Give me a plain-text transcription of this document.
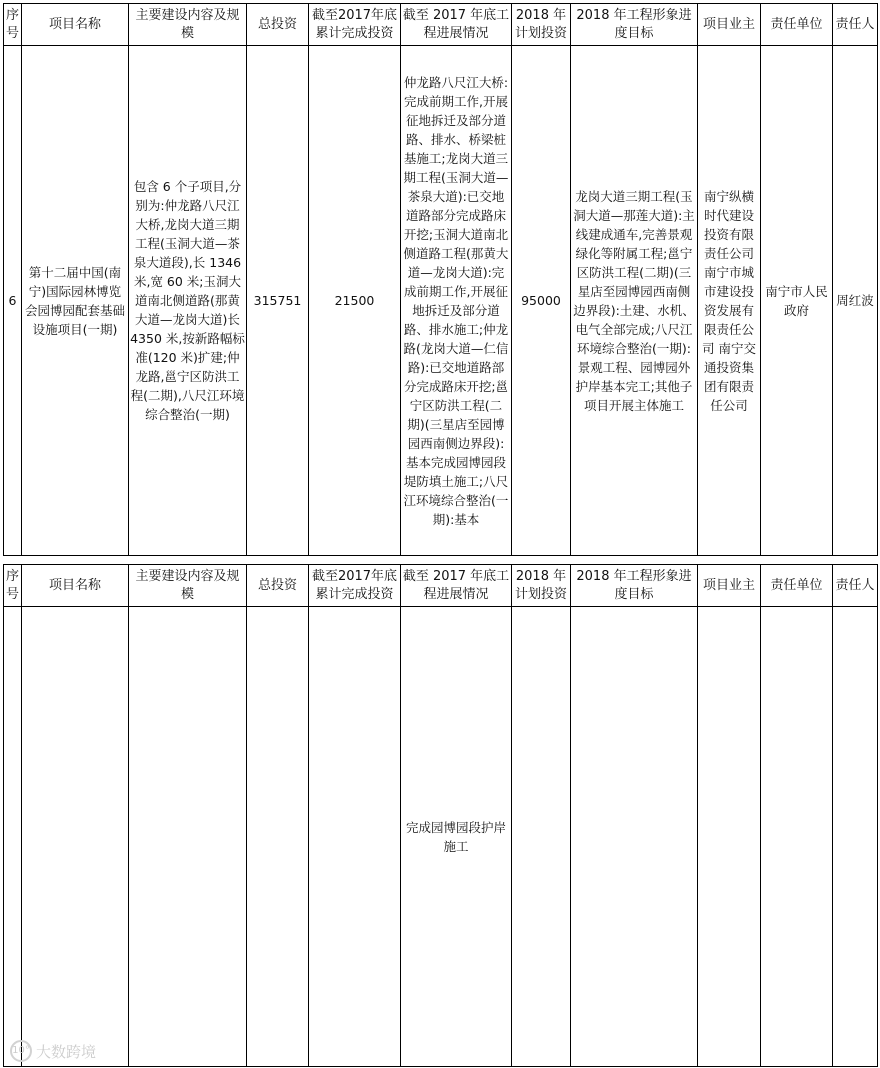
序号	项目名称	主要建设内容及规模	总投资	截至2017年底累计完成投资	截至 2017 年底工程进展情况	2018 年计划投资	2018 年工程形象进度目标	项目业主	责任单位	责任人
6	第十二届中国(南宁)国际园林博览会园博园配套基础设施项目(一期)	包含 6 个子项目,分别为:仲龙路八尺江大桥,龙岗大道三期工程(玉洞大道—茶泉大道段),长 1346 米,宽 60 米;玉洞大道南北侧道路(那黄大道—龙岗大道)长 4350 米,按新路幅标准(120 米)扩建;仲龙路,邕宁区防洪工程(二期),八尺江环境综合整治(一期)	315751	21500	仲龙路八尺江大桥:完成前期工作,开展征地拆迁及部分道路、排水、桥梁桩基施工;龙岗大道三期工程(玉洞大道—茶泉大道):已交地道路部分完成路床开挖;玉洞大道南北侧道路工程(那黄大道—龙岗大道):完成前期工作,开展征地拆迁及部分道路、排水施工;仲龙路(龙岗大道—仁信路):已交地道路部分完成路床开挖;邕宁区防洪工程(二期)(三星店至园博园西南侧边界段):基本完成园博园段堤防填土施工;八尺江环境综合整治(一期):基本	95000	龙岗大道三期工程(玉洞大道—那莲大道):主线建成通车,完善景观绿化等附属工程;邕宁区防洪工程(二期)(三星店至园博园西南侧边界段):土建、水机、电气全部完成;八尺江环境综合整治(一期):景观工程、园博园外护岸基本完工;其他子项目开展主体施工	南宁纵横时代建设投资有限责任公司 南宁市城市建设投资发展有限责任公司 南宁交通投资集团有限责任公司	南宁市人民政府	周红波
序号	项目名称	主要建设内容及规模	总投资	截至2017年底累计完成投资	截至 2017 年底工程进展情况	2018 年计划投资	2018 年工程形象进度目标	项目业主	责任单位	责任人
					完成园博园段护岸施工					
10° 大数跨境
